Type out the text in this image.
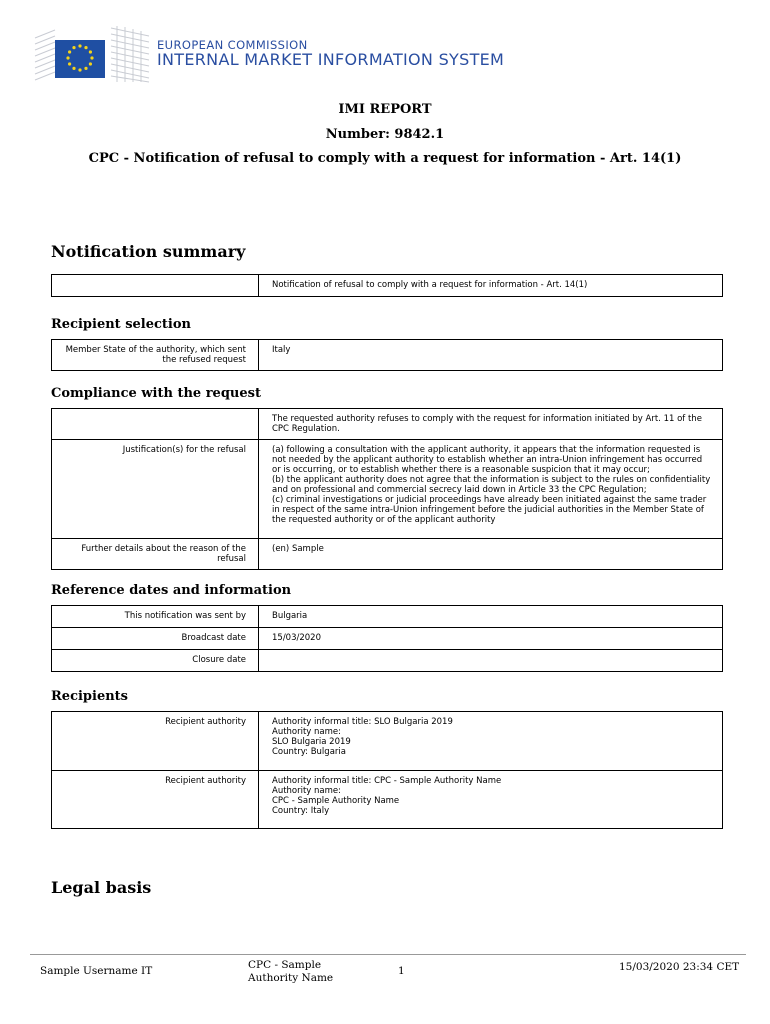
EUROPEAN COMMISSION
INTERNAL MARKET INFORMATION SYSTEM
IMI REPORT
Number: 9842.1
CPC - Notification of refusal to comply with a request for information - Art. 14(1)
Notification summary
	Notification of refusal to comply with a request for information - Art. 14(1)
Recipient selection
Member State of the authority, which sent the refused request	Italy
Compliance with the request
	The requested authority refuses to comply with the request for information initiated by Art. 11 of the CPC Regulation.
Justification(s) for the refusal	(a) following a consultation with the applicant authority, it appears that the information requested is not needed by the applicant authority to establish whether an intra-Union infringement has occurred or is occurring, or to establish whether there is a reasonable suspicion that it may occur;
(b) the applicant authority does not agree that the information is subject to the rules on confidentiality and on professional and commercial secrecy laid down in Article 33 the CPC Regulation;
(c) criminal investigations or judicial proceedings have already been initiated against the same trader in respect of the same intra-Union infringement before the judicial authorities in the Member State of the requested authority or of the applicant authority

Further details about the reason of the refusal	(en) Sample
Reference dates and information
This notification was sent by	Bulgaria
Broadcast date	15/03/2020
Closure date	
Recipients
Recipient authority	Authority informal title: SLO Bulgaria 2019
Authority name:
SLO Bulgaria 2019
Country: Bulgaria

Recipient authority	Authority informal title: CPC - Sample Authority Name
Authority name:
CPC - Sample Authority Name
Country: Italy
Legal basis
Sample Username IT	CPC - Sample
Authority Name
1	15/03/2020 23:34 CET
